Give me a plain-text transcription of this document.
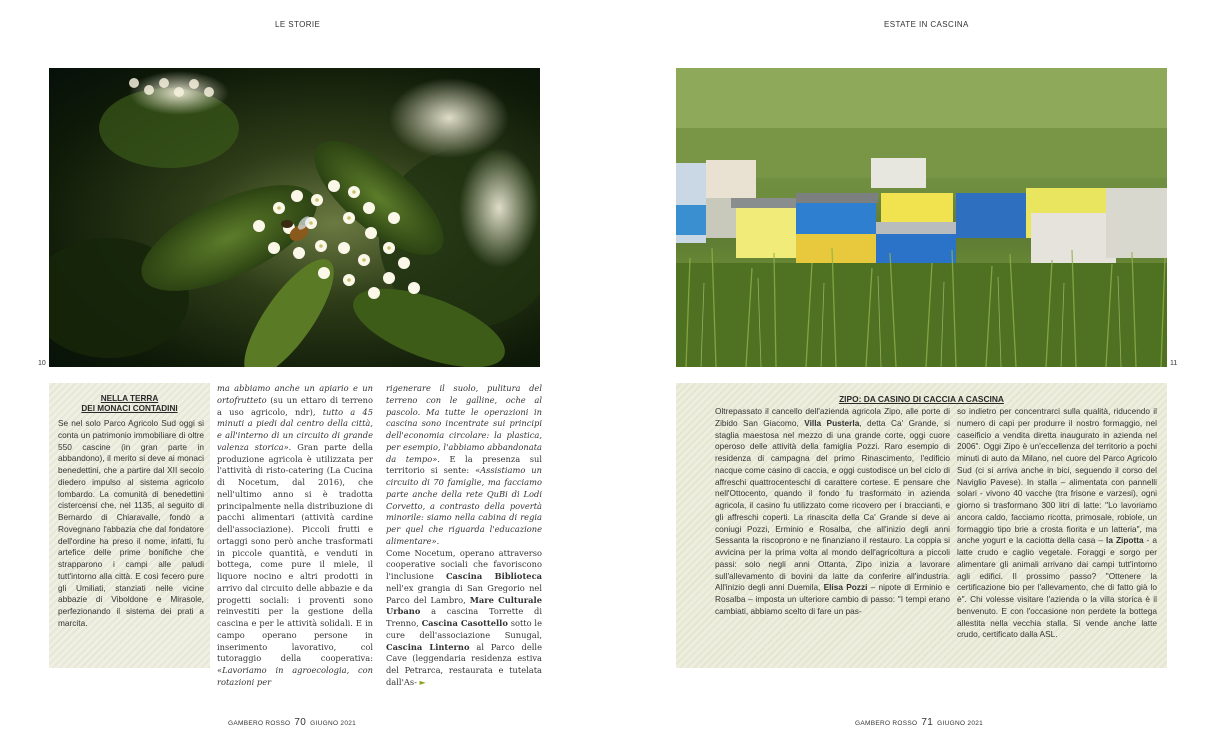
LE STORIE	ESTATE IN CASCINA
10	11
NELLA TERRA
DEI MONACI CONTADINI
Se nel solo Parco Agricolo Sud oggi si conta un patrimonio immobiliare di oltre 550 cascine (in gran parte in abbandono), il merito si deve ai monaci benedettini, che a partire dal XII secolo diedero impulso al sistema agricolo lombardo. La comunità di benedettini cistercensi che, nel 1135, al seguito di Bernardo di Chiaravalle, fondò a Rovegnano l'abbazia che dal fondatore dell'ordine ha preso il nome, infatti, fu artefice delle prime bonifiche che strapparono i campi alle paludi tutt'intorno alla città. E così fecero pure gli Umiliati, stanziati nelle vicine abbazie di Viboldone e Mirasole, perfezionando il sistema dei prati a marcita.
ma abbiamo anche un apiario e un ortofrutteto (su un ettaro di terreno a uso agricolo, ndr), tutto a 45 minuti a piedi dal centro della città, e all'interno di un circuito di grande valenza storica». Gran parte della produzione agricola è utilizzata per l'attività di risto-catering (La Cucina di Nocetum, dal 2016), che nell'ultimo anno si è tradotta principalmente nella distribuzione di pacchi alimentari (attività cardine dell'associazione). Piccoli frutti e ortaggi sono però anche trasformati in piccole quantità, e venduti in bottega, come pure il miele, il liquore nocino e altri prodotti in arrivo dal circuito delle abbazie e da progetti sociali: i proventi sono reinvestiti per la gestione della cascina e per le attività solidali. E in campo operano persone in inserimento lavorativo, col tutoraggio della cooperativa: «Lavoriamo in agroecologia, con rotazioni per
rigenerare il suolo, pulitura del terreno con le galline, oche al pascolo. Ma tutte le operazioni in cascina sono incentrate sui principi dell'economia circolare: la plastica, per esempio, l'abbiamo abbandonata da tempo». E la presenza sul territorio si sente: «Assistiamo un circuito di 70 famiglie, ma facciamo parte anche della rete QuBi di Lodi Corvetto, a contrasto della povertà minorile: siamo nella cabina di regia per quel che riguarda l'educazione alimentare».
Come Nocetum, operano attraverso cooperative sociali che favoriscono l'inclusione Cascina Biblioteca nell'ex grangia di San Gregorio nel Parco del Lambro, Mare Culturale Urbano a cascina Torrette di Trenno, Cascina Casottello sotto le cure dell'associazione Sunugal, Cascina Linterno al Parco delle Cave (leggendaria residenza estiva del Petrarca, restaurata e tutelata dall'As- ►
ZIPO: DA CASINO DI CACCIA A CASCINA
Oltrepassato il cancello dell'azienda agricola Zipo, alle porte di Zibido San Giacomo, Villa Pusterla, detta Ca' Grande, si staglia maestosa nel mezzo di una grande corte, oggi cuore operoso delle attività della famiglia Pozzi. Raro esempio di residenza di campagna del primo Rinascimento, l'edificio nacque come casino di caccia, e oggi custodisce un bel ciclo di affreschi quattrocenteschi di carattere cortese. E pensare che nell'Ottocento, quando il fondo fu trasformato in azienda agricola, il casino fu utilizzato come ricovero per i braccianti, e gli affreschi coperti. La rinascita della Ca' Grande si deve ai coniugi Pozzi, Erminio e Rosalba, che all'inizio degli anni Sessanta la riscoprono e ne finanziano il restauro. La coppia si avvicina per la prima volta al mondo dell'agricoltura a piccoli passi: solo negli anni Ottanta, Zipo inizia a lavorare sull'allevamento di bovini da latte da conferire all'industria. All'inizio degli anni Duemila, Elisa Pozzi – nipote di Erminio e Rosalba – imposta un ulteriore cambio di passo: "I tempi erano cambiati, abbiamo scelto di fare un pas-
so indietro per concentrarci sulla qualità, riducendo il numero di capi per produrre il nostro formaggio, nel caseificio a vendita diretta inaugurato in azienda nel 2006". Oggi Zipo è un'eccellenza del territorio a pochi minuti di auto da Milano, nel cuore del Parco Agricolo Sud (ci si arriva anche in bici, seguendo il corso del Naviglio Pavese). In stalla – alimentata con pannelli solari - vivono 40 vacche (tra frisone e varzesi), ogni giorno si trasformano 300 litri di latte: "Lo lavoriamo ancora caldo, facciamo ricotta, primosale, robiole, un formaggio tipo brie a crosta fiorita e un latteria", ma anche yogurt e la caciotta della casa – la Zipotta - a latte crudo e caglio vegetale. Foraggi e sorgo per alimentare gli animali arrivano dai campi tutt'intorno agli edifici. Il prossimo passo? "Ottenere la certificazione bio per l'allevamento, che di fatto già lo è". Chi volesse visitare l'azienda o la villa storica è il benvenuto. E con l'occasione non perdete la bottega allestita nella vecchia stalla. Si vende anche latte crudo, certificato dalla ASL.
GAMBERO ROSSO 70 GIUGNO 2021	GAMBERO ROSSO 71 GIUGNO 2021
